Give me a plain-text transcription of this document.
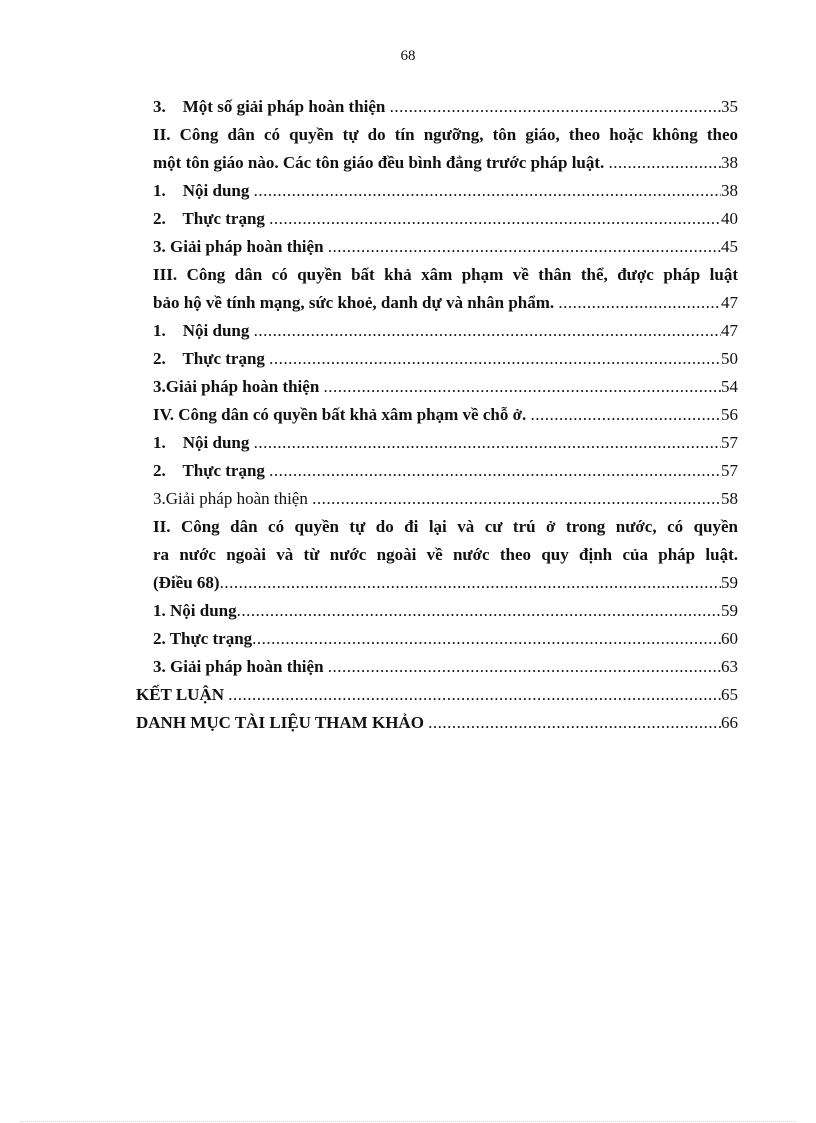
68
3.    Một số giải pháp hoàn thiện .....	35
II. Công dân có quyền tự do tín ngưỡng, tôn giáo, theo hoặc không theo
một tôn giáo nào. Các tôn giáo đều bình đẳng trước pháp luật. .....	38
1.    Nội dung .....	38
2.    Thực trạng .....	40
3. Giải pháp hoàn thiện .....	45
III. Công dân có quyền bất khả xâm phạm về thân thể, được pháp luật
bảo hộ về tính mạng, sức khoẻ, danh dự và nhân phẩm. .....	47
1.    Nội dung .....	47
2.    Thực trạng .....	50
3.Giải pháp hoàn thiện .....	54
IV. Công dân có quyền bất khả xâm phạm về chỗ ở. .....	56
1.    Nội dung .....	57
2.    Thực trạng .....	57
3.Giải pháp hoàn thiện .....	58
II. Công dân có quyền tự do đi lại và cư trú ở trong nước, có quyền
ra nước ngoài và từ nước ngoài về nước theo quy định của pháp luật.
(Điều 68) .....	59
1. Nội dung .....	59
2. Thực trạng .....	60
3. Giải pháp hoàn thiện .....	63
KẾT LUẬN .....	65
DANH MỤC TÀI LIỆU THAM KHẢO .....	66
